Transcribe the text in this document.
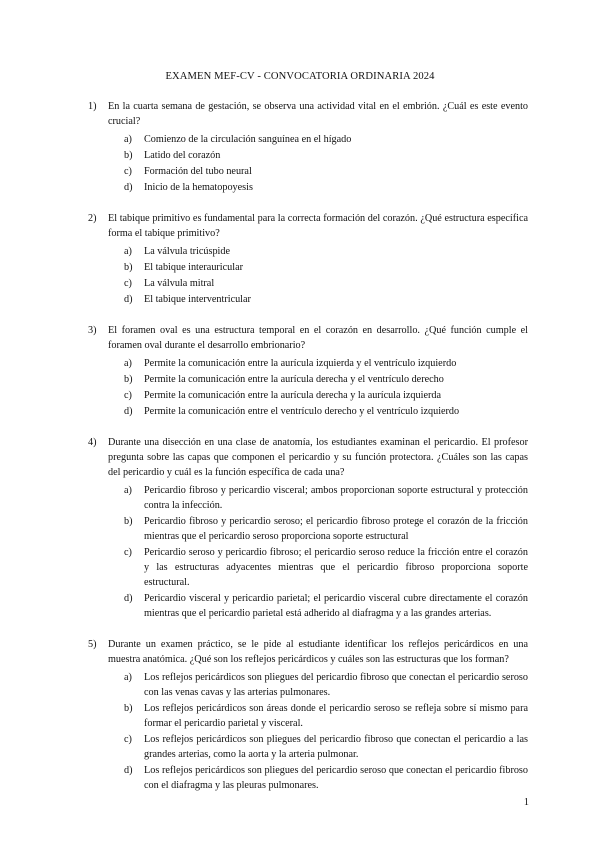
EXAMEN MEF-CV - CONVOCATORIA ORDINARIA 2024
1) En la cuarta semana de gestación, se observa una actividad vital en el embrión. ¿Cuál es este evento crucial?
a) Comienzo de la circulación sanguínea en el hígado
b) Latido del corazón
c) Formación del tubo neural
d) Inicio de la hematopoyesis
2) El tabique primitivo es fundamental para la correcta formación del corazón. ¿Qué estructura específica forma el tabique primitivo?
a) La válvula tricúspide
b) El tabique interauricular
c) La válvula mitral
d) El tabique interventricular
3) El foramen oval es una estructura temporal en el corazón en desarrollo. ¿Qué función cumple el foramen oval durante el desarrollo embrionario?
a) Permite la comunicación entre la aurícula izquierda y el ventrículo izquierdo
b) Permite la comunicación entre la aurícula derecha y el ventrículo derecho
c) Permite la comunicación entre la aurícula derecha y la aurícula izquierda
d) Permite la comunicación entre el ventrículo derecho y el ventrículo izquierdo
4) Durante una disección en una clase de anatomía, los estudiantes examinan el pericardio. El profesor pregunta sobre las capas que componen el pericardio y su función protectora. ¿Cuáles son las capas del pericardio y cuál es la función específica de cada una?
a) Pericardio fibroso y pericardio visceral; ambos proporcionan soporte estructural y protección contra la infección.
b) Pericardio fibroso y pericardio seroso; el pericardio fibroso protege el corazón de la fricción mientras que el pericardio seroso proporciona soporte estructural
c) Pericardio seroso y pericardio fibroso; el pericardio seroso reduce la fricción entre el corazón y las estructuras adyacentes mientras que el pericardio fibroso proporciona soporte estructural.
d) Pericardio visceral y pericardio parietal; el pericardio visceral cubre directamente el corazón mientras que el pericardio parietal está adherido al diafragma y a las grandes arterias.
5) Durante un examen práctico, se le pide al estudiante identificar los reflejos pericárdicos en una muestra anatómica. ¿Qué son los reflejos pericárdicos y cuáles son las estructuras que los forman?
a) Los reflejos pericárdicos son pliegues del pericardio fibroso que conectan el pericardio seroso con las venas cavas y las arterias pulmonares.
b) Los reflejos pericárdicos son áreas donde el pericardio seroso se refleja sobre sí mismo para formar el pericardio parietal y visceral.
c) Los reflejos pericárdicos son pliegues del pericardio fibroso que conectan el pericardio a las grandes arterias, como la aorta y la arteria pulmonar.
d) Los reflejos pericárdicos son pliegues del pericardio seroso que conectan el pericardio fibroso con el diafragma y las pleuras pulmonares.
1
